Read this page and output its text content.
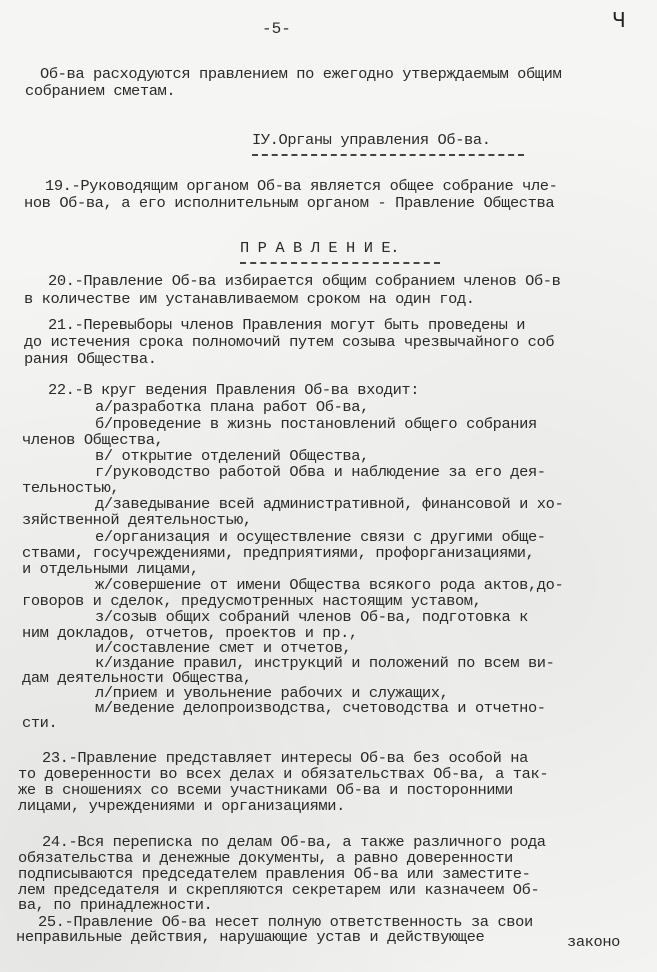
-5-	Ч
Об-ва расходуются правлением по ежегодно утверждаемым общим
собранием сметам.
IУ.Органы управления Об-ва.
19.-Руководящим органом Об-ва является общее собрание чле-
нов Об-ва, а его исполнительным органом - Правление Общества
П Р А В Л Е Н И Е.
20.-Правление Об-ва избирается общим собранием членов Об-в
в количестве им устанавливаемом сроком на один год.
21.-Перевыборы членов Правления могут быть проведены и
до истечения срока полномочий путем созыва чрезвычайного соб
рания Общества.
22.-В круг ведения Правления Об-ва входит:
а/разработка плана работ Об-ва,
б/проведение в жизнь постановлений общего собрания
членов Общества,
в/ открытие отделений Общества,
г/руководство работой Обва и наблюдение за его дея-
тельностью,
д/заведывание всей административной, финансовой и хо-
зяйственной деятельностью,
е/организация и осуществление связи с другими обще-
ствами, госучреждениями, предприятиями, профорганизациями,
и отдельными лицами,
ж/совершение от имени Общества всякого рода актов,до-
говоров и сделок, предусмотренных настоящим уставом,
з/созыв общих собраний членов Об-ва, подготовка к
ним докладов, отчетов, проектов и пр.,
и/составление смет и отчетов,
к/издание правил, инструкций и положений по всем ви-
дам деятельности Общества,
л/прием и увольнение рабочих и служащих,
м/ведение делопроизводства, счетоводства и отчетно-
сти.
23.-Правление представляет интересы Об-ва без особой на
то доверенности во всех делах и обязательствах Об-ва, а так-
же в сношениях со всеми участниками Об-ва и посторонними
лицами, учреждениями и организациями.
24.-Вся переписка по делам Об-ва, а также различного рода
обязательства и денежные документы, а равно доверенности
подписываются председателем правления Об-ва или заместите-
лем председателя и скрепляются секретарем или казначеем Об-
ва, по принадлежности.
25.-Правление Об-ва несет полную ответственность за свои
неправильные действия, нарушающие устав и действующее	законо
